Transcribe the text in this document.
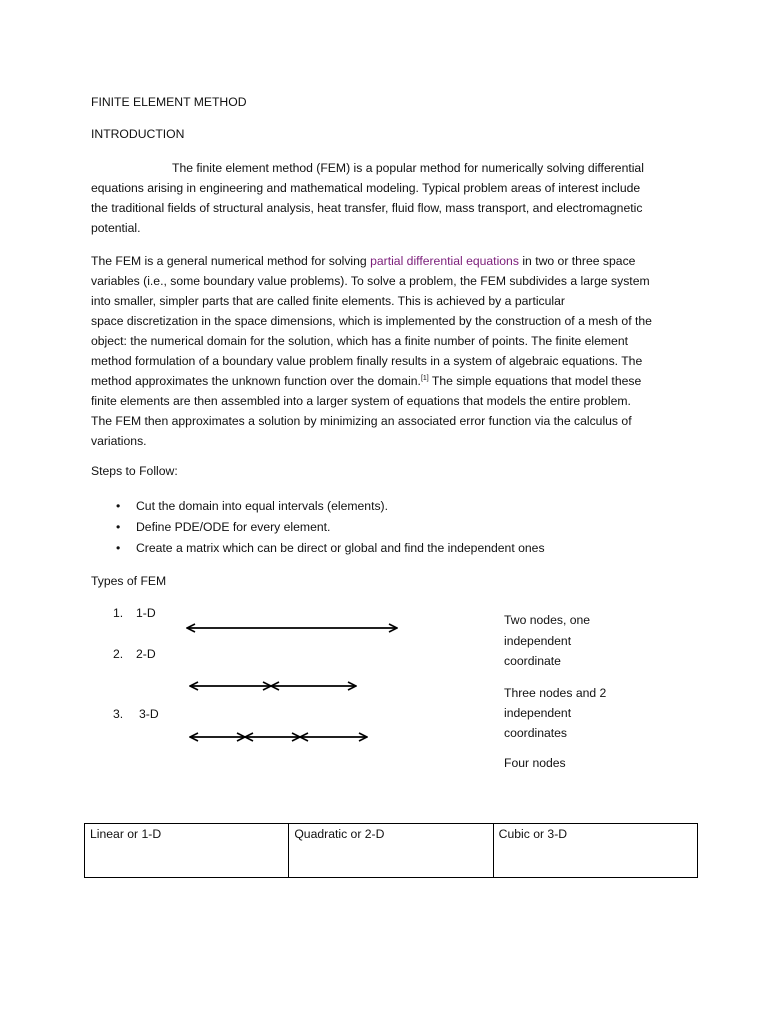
FINITE ELEMENT METHOD
INTRODUCTION
The finite element method (FEM) is a popular method for numerically solving differential
equations arising in engineering and mathematical modeling. Typical problem areas of interest include
the traditional fields of structural analysis, heat transfer, fluid flow, mass transport, and electromagnetic
potential.
The FEM is a general numerical method for solving partial differential equations in two or three space
variables (i.e., some boundary value problems). To solve a problem, the FEM subdivides a large system
into smaller, simpler parts that are called finite elements. This is achieved by a particular
space discretization in the space dimensions, which is implemented by the construction of a mesh of the
object: the numerical domain for the solution, which has a finite number of points. The finite element
method formulation of a boundary value problem finally results in a system of algebraic equations. The
method approximates the unknown function over the domain.[1] The simple equations that model these
finite elements are then assembled into a larger system of equations that models the entire problem.
The FEM then approximates a solution by minimizing an associated error function via the calculus of
variations.
Steps to Follow:
• Cut the domain into equal intervals (elements).
• Define PDE/ODE for every element.
• Create a matrix which can be direct or global and find the independent ones
Types of FEM
1. 1-D
2. 2-D
3. 3-D
Two nodes, one
independent
coordinate
Three nodes and 2
independent
coordinates
Four nodes
Linear or 1-D	Quadratic or 2-D	Cubic or 3-D
